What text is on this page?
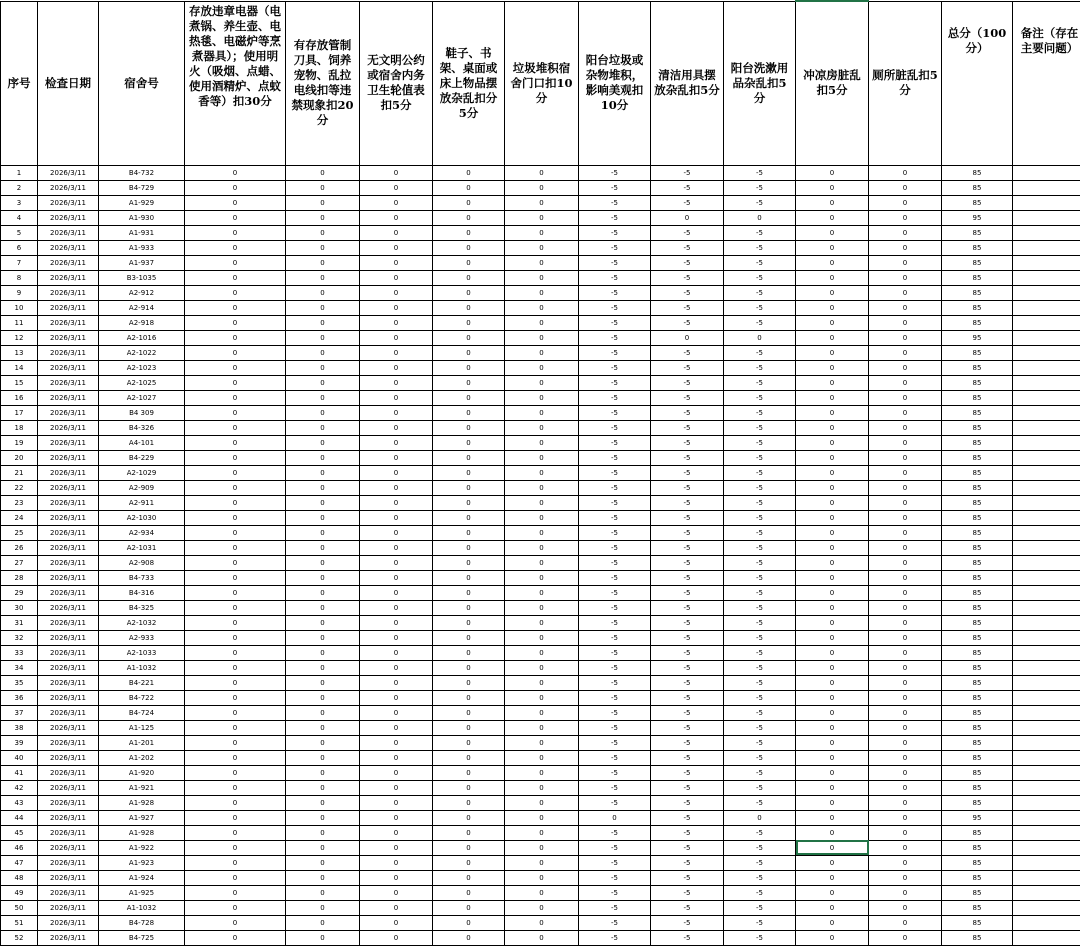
序号	检查日期	宿舍号	存放违章电器（电煮锅、养生壶、电热毯、电磁炉等烹煮器具）；使用明火（吸烟、点蜡、使用酒精炉、点蚊香等）扣30分	有存放管制刀具、饲养宠物、乱拉电线扣等违禁现象扣20分	无文明公约或宿舍内务卫生轮值表扣5分	鞋子、书架、桌面或床上物品摆放杂乱扣分5分	垃圾堆积宿舍门口扣10分	阳台垃圾或杂物堆积，影响美观扣10分	清洁用具摆放杂乱扣5分	阳台洗漱用品杂乱扣5分	冲凉房脏乱扣5分	厕所脏乱扣5分	总分（100分）	备注（存在主要问题）

1	2026/3/11	B4-732	0	0	0	0	0	-5	-5	-5	0	0	85	
2	2026/3/11	B4-729	0	0	0	0	0	-5	-5	-5	0	0	85	
3	2026/3/11	A1-929	0	0	0	0	0	-5	-5	-5	0	0	85	
4	2026/3/11	A1-930	0	0	0	0	0	-5	0	0	0	0	95	
5	2026/3/11	A1-931	0	0	0	0	0	-5	-5	-5	0	0	85	
6	2026/3/11	A1-933	0	0	0	0	0	-5	-5	-5	0	0	85	
7	2026/3/11	A1-937	0	0	0	0	0	-5	-5	-5	0	0	85	
8	2026/3/11	B3-1035	0	0	0	0	0	-5	-5	-5	0	0	85	
9	2026/3/11	A2-912	0	0	0	0	0	-5	-5	-5	0	0	85	
10	2026/3/11	A2-914	0	0	0	0	0	-5	-5	-5	0	0	85	
11	2026/3/11	A2-918	0	0	0	0	0	-5	-5	-5	0	0	85	
12	2026/3/11	A2-1016	0	0	0	0	0	-5	0	0	0	0	95	
13	2026/3/11	A2-1022	0	0	0	0	0	-5	-5	-5	0	0	85	
14	2026/3/11	A2-1023	0	0	0	0	0	-5	-5	-5	0	0	85	
15	2026/3/11	A2-1025	0	0	0	0	0	-5	-5	-5	0	0	85	
16	2026/3/11	A2-1027	0	0	0	0	0	-5	-5	-5	0	0	85	
17	2026/3/11	B4 309	0	0	0	0	0	-5	-5	-5	0	0	85	
18	2026/3/11	B4-326	0	0	0	0	0	-5	-5	-5	0	0	85	
19	2026/3/11	A4-101	0	0	0	0	0	-5	-5	-5	0	0	85	
20	2026/3/11	B4-229	0	0	0	0	0	-5	-5	-5	0	0	85	
21	2026/3/11	A2-1029	0	0	0	0	0	-5	-5	-5	0	0	85	
22	2026/3/11	A2-909	0	0	0	0	0	-5	-5	-5	0	0	85	
23	2026/3/11	A2-911	0	0	0	0	0	-5	-5	-5	0	0	85	
24	2026/3/11	A2-1030	0	0	0	0	0	-5	-5	-5	0	0	85	
25	2026/3/11	A2-934	0	0	0	0	0	-5	-5	-5	0	0	85	
26	2026/3/11	A2-1031	0	0	0	0	0	-5	-5	-5	0	0	85	
27	2026/3/11	A2-908	0	0	0	0	0	-5	-5	-5	0	0	85	
28	2026/3/11	B4-733	0	0	0	0	0	-5	-5	-5	0	0	85	
29	2026/3/11	B4-316	0	0	0	0	0	-5	-5	-5	0	0	85	
30	2026/3/11	B4-325	0	0	0	0	0	-5	-5	-5	0	0	85	
31	2026/3/11	A2-1032	0	0	0	0	0	-5	-5	-5	0	0	85	
32	2026/3/11	A2-933	0	0	0	0	0	-5	-5	-5	0	0	85	
33	2026/3/11	A2-1033	0	0	0	0	0	-5	-5	-5	0	0	85	
34	2026/3/11	A1-1032	0	0	0	0	0	-5	-5	-5	0	0	85	
35	2026/3/11	B4-221	0	0	0	0	0	-5	-5	-5	0	0	85	
36	2026/3/11	B4-722	0	0	0	0	0	-5	-5	-5	0	0	85	
37	2026/3/11	B4-724	0	0	0	0	0	-5	-5	-5	0	0	85	
38	2026/3/11	A1-125	0	0	0	0	0	-5	-5	-5	0	0	85	
39	2026/3/11	A1-201	0	0	0	0	0	-5	-5	-5	0	0	85	
40	2026/3/11	A1-202	0	0	0	0	0	-5	-5	-5	0	0	85	
41	2026/3/11	A1-920	0	0	0	0	0	-5	-5	-5	0	0	85	
42	2026/3/11	A1-921	0	0	0	0	0	-5	-5	-5	0	0	85	
43	2026/3/11	A1-928	0	0	0	0	0	-5	-5	-5	0	0	85	
44	2026/3/11	A1-927	0	0	0	0	0	0	-5	0	0	0	95	
45	2026/3/11	A1-928	0	0	0	0	0	-5	-5	-5	0	0	85	
46	2026/3/11	A1-922	0	0	0	0	0	-5	-5	-5	0	0	85	
47	2026/3/11	A1-923	0	0	0	0	0	-5	-5	-5	0	0	85	
48	2026/3/11	A1-924	0	0	0	0	0	-5	-5	-5	0	0	85	
49	2026/3/11	A1-925	0	0	0	0	0	-5	-5	-5	0	0	85	
50	2026/3/11	A1-1032	0	0	0	0	0	-5	-5	-5	0	0	85	
51	2026/3/11	B4-728	0	0	0	0	0	-5	-5	-5	0	0	85	
52	2026/3/11	B4-725	0	0	0	0	0	-5	-5	-5	0	0	85	
